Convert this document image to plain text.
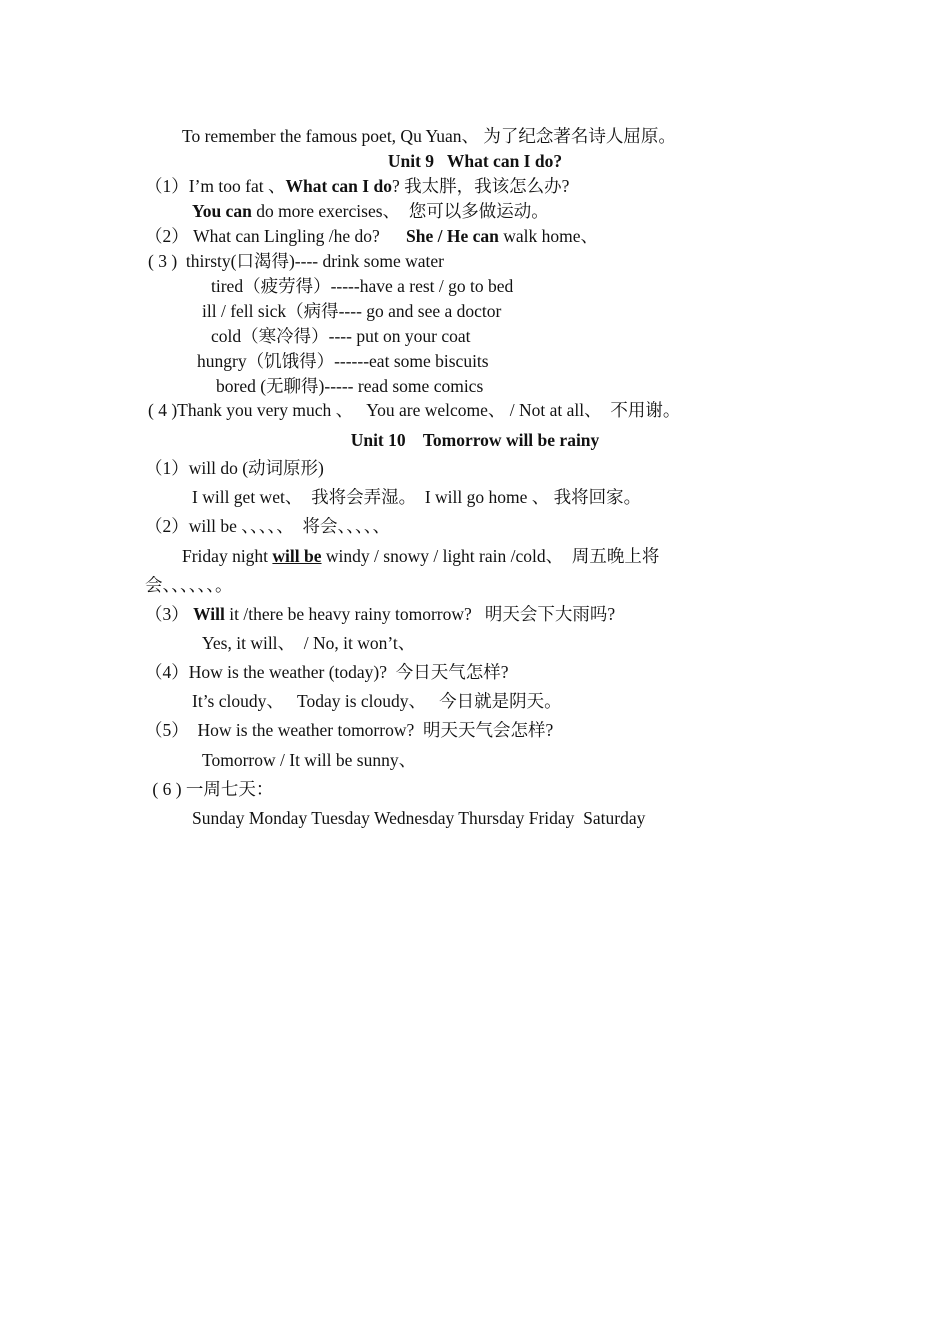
To remember the famous poet, Qu Yuan、 为了纪念著名诗人屈原。
Unit 9   What can I do?
（1）I’m too fat 、What can I do? 我太胖，我该怎么办?
You can do more exercises、  您可以多做运动。
（2） What can Lingling /he do?      She / He can walk home、
( 3 )  thirsty(口渴得)---- drink some water
tired（疲劳得）-----have a rest / go to bed
ill / fell sick（病得---- go and see a doctor
cold（寒冷得）---- put on your coat
hungry（饥饿得）------eat some biscuits
bored (无聊得)----- read some comics
( 4 )Thank you very much 、   You are welcome、 / Not at all、  不用谢。
Unit 10    Tomorrow will be rainy
（1）will do (动词原形)
I will get wet、  我将会弄湿。  I will go home 、 我将回家。
（2）will be 、、、、、  将会、、、、、
Friday night will be windy / snowy / light rain /cold、  周五晚上将
会、、、、、、。
（3） Will it /there be heavy rainy tomorrow?   明天会下大雨吗?
Yes, it will、  / No, it won’t、
（4）How is the weather (today)?  今日天气怎样?
It’s cloudy、   Today is cloudy、   今日就是阴天。
（5）  How is the weather tomorrow?  明天天气会怎样?
Tomorrow / It will be sunny、
( 6 ) 一周七天：
Sunday Monday Tuesday Wednesday Thursday Friday  Saturday
